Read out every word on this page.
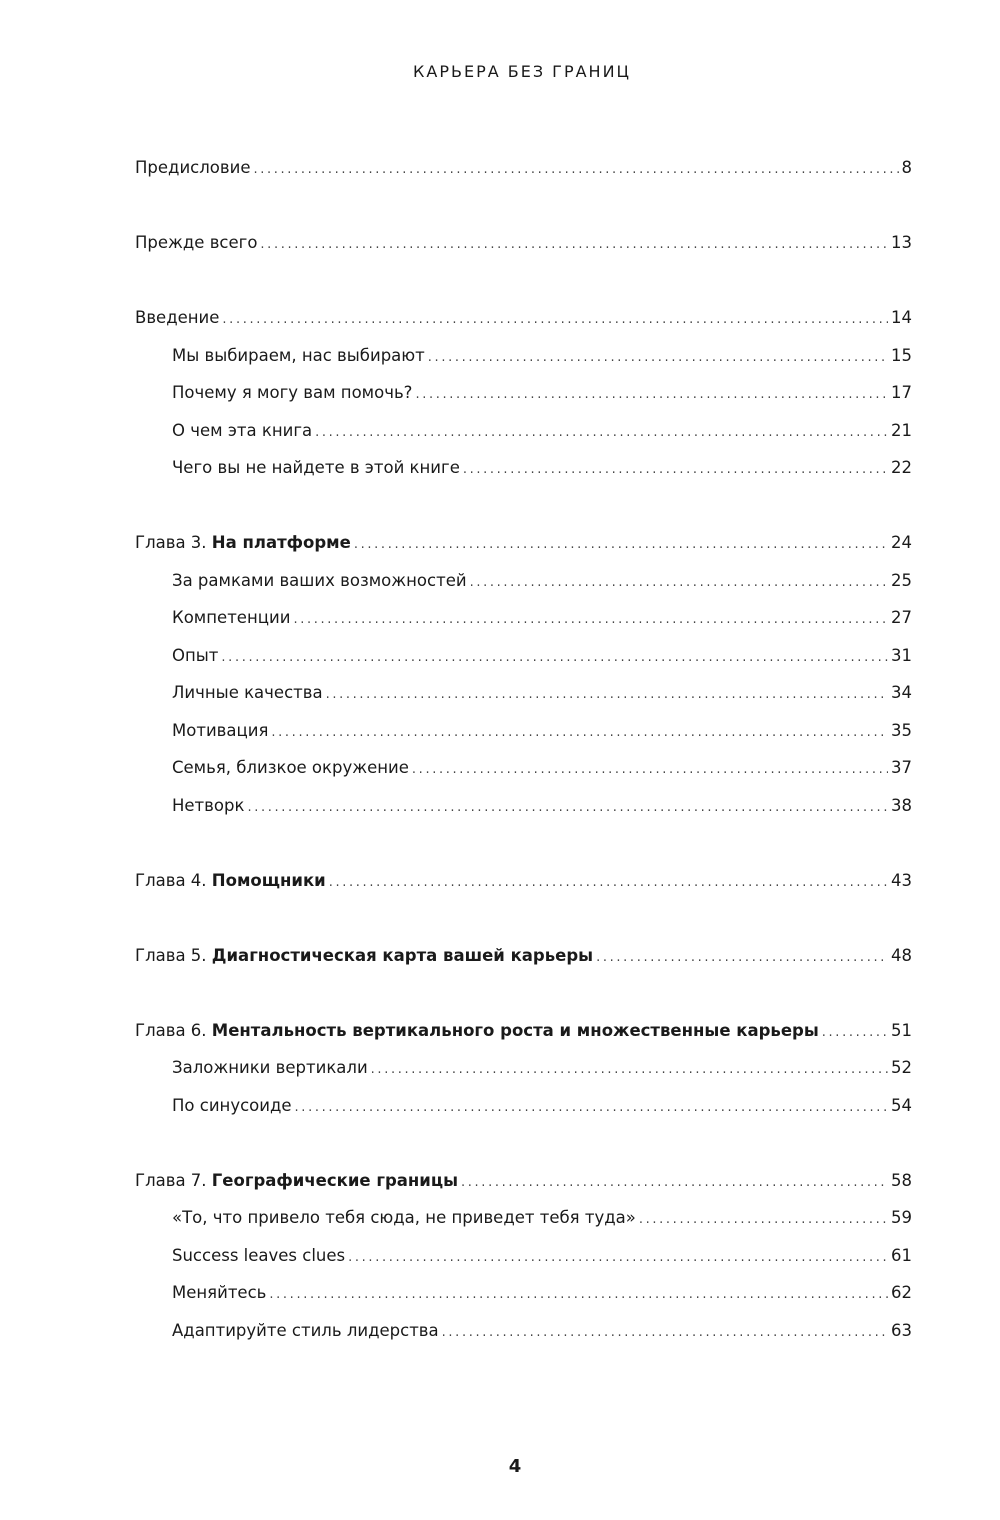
КАРЬЕРА БЕЗ ГРАНИЦ
Предисловие . . .	8
Прежде всего . . .	13
Введение . . .	14
Мы выбираем, нас выбирают . . .	15
Почему я могу вам помочь? . . .	17
О чем эта книга . . .	21
Чего вы не найдете в этой книге . . .	22
Глава 3. На платформе . . .	24
За рамками ваших возможностей . . .	25
Компетенции . . .	27
Опыт . . .	31
Личные качества . . .	34
Мотивация . . .	35
Семья, близкое окружение . . .	37
Нетворк . . .	38
Глава 4. Помощники . . .	43
Глава 5. Диагностическая карта вашей карьеры . . .	48
Глава 6. Ментальность вертикального роста и множественные карьеры . . .	51
Заложники вертикали . . .	52
По синусоиде . . .	54
Глава 7. Географические границы . . .	58
«То, что привело тебя сюда, не приведет тебя туда» . . .	59
Success leaves clues . . .	61
Меняйтесь . . .	62
Адаптируйте стиль лидерства . . .	63
4
